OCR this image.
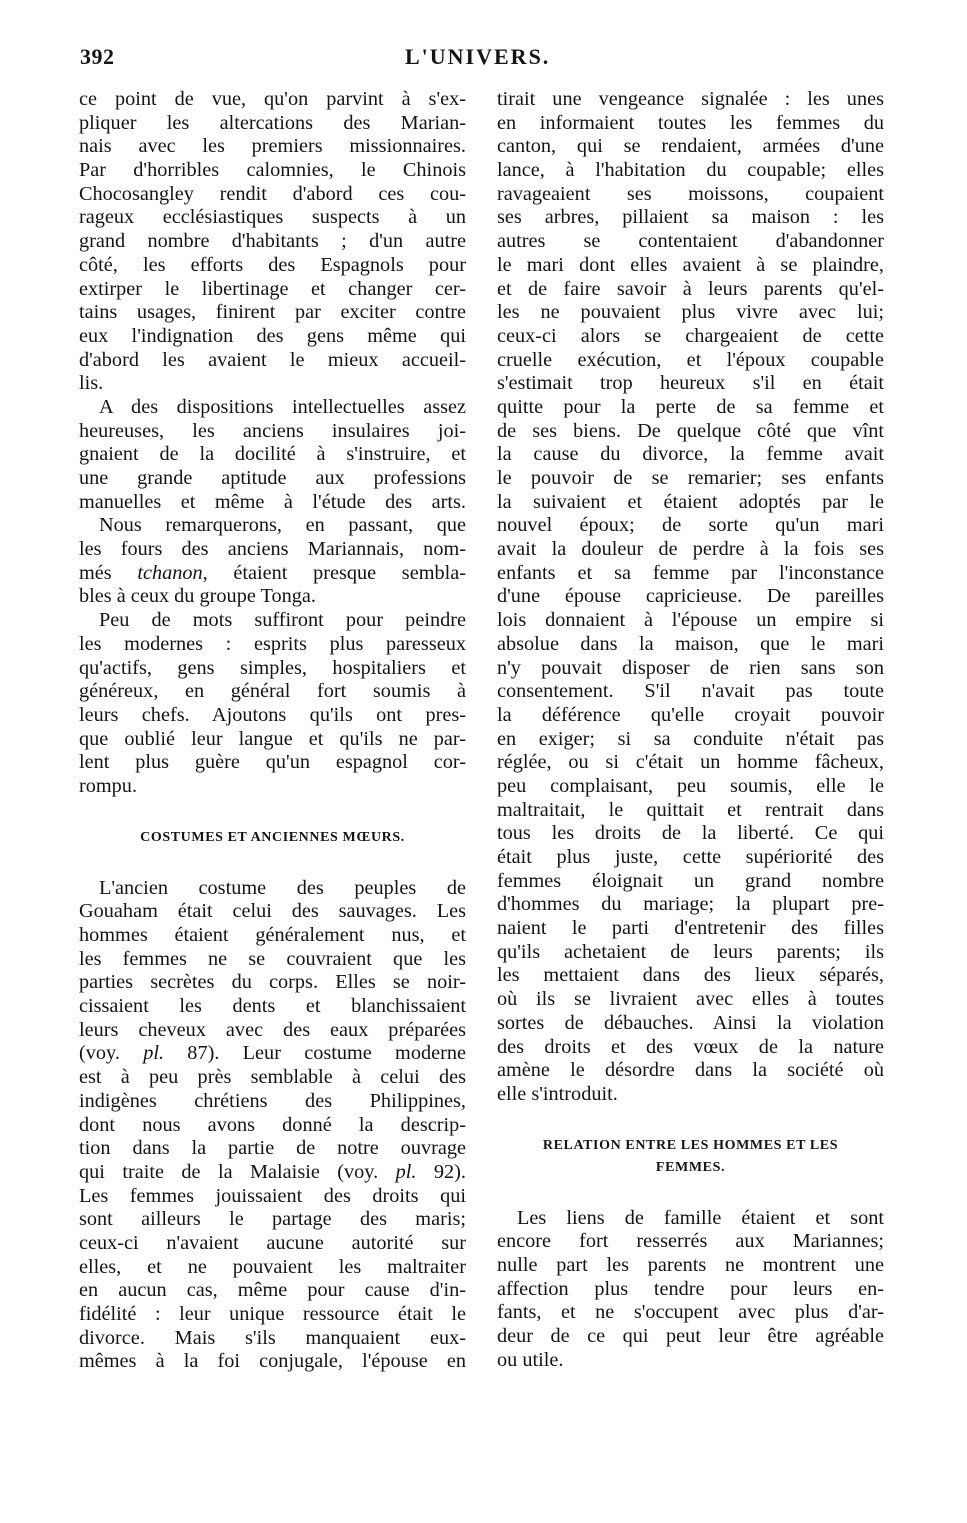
392	L'UNIVERS.
ce point de vue, qu'on parvint à s'ex-
pliquer les altercations des Marian-
nais avec les premiers missionnaires.
Par d'horribles calomnies, le Chinois
Chocosangley rendit d'abord ces cou-
rageux ecclésiastiques suspects à un
grand nombre d'habitants ; d'un autre
côté, les efforts des Espagnols pour
extirper le libertinage et changer cer-
tains usages, finirent par exciter contre
eux l'indignation des gens même qui
d'abord les avaient le mieux accueil-
lis.
A des dispositions intellectuelles assez
heureuses, les anciens insulaires joi-
gnaient de la docilité à s'instruire, et
une grande aptitude aux professions
manuelles et même à l'étude des arts.
Nous remarquerons, en passant, que
les fours des anciens Mariannais, nom-
més tchanon, étaient presque sembla-
bles à ceux du groupe Tonga.
Peu de mots suffiront pour peindre
les modernes : esprits plus paresseux
qu'actifs, gens simples, hospitaliers et
généreux, en général fort soumis à
leurs chefs. Ajoutons qu'ils ont pres-
que oublié leur langue et qu'ils ne par-
lent plus guère qu'un espagnol cor-
rompu.
COSTUMES ET ANCIENNES MŒURS.
L'ancien costume des peuples de
Gouaham était celui des sauvages. Les
hommes étaient généralement nus, et
les femmes ne se couvraient que les
parties secrètes du corps. Elles se noir-
cissaient les dents et blanchissaient
leurs cheveux avec des eaux préparées
(voy. pl. 87). Leur costume moderne
est à peu près semblable à celui des
indigènes chrétiens des Philippines,
dont nous avons donné la descrip-
tion dans la partie de notre ouvrage
qui traite de la Malaisie (voy. pl. 92).
Les femmes jouissaient des droits qui
sont ailleurs le partage des maris;
ceux-ci n'avaient aucune autorité sur
elles, et ne pouvaient les maltraiter
en aucun cas, même pour cause d'in-
fidélité : leur unique ressource était le
divorce. Mais s'ils manquaient eux-
mêmes à la foi conjugale, l'épouse en
tirait une vengeance signalée : les unes
en informaient toutes les femmes du
canton, qui se rendaient, armées d'une
lance, à l'habitation du coupable; elles
ravageaient ses moissons, coupaient
ses arbres, pillaient sa maison : les
autres se contentaient d'abandonner
le mari dont elles avaient à se plaindre,
et de faire savoir à leurs parents qu'el-
les ne pouvaient plus vivre avec lui;
ceux-ci alors se chargeaient de cette
cruelle exécution, et l'époux coupable
s'estimait trop heureux s'il en était
quitte pour la perte de sa femme et
de ses biens. De quelque côté que vînt
la cause du divorce, la femme avait
le pouvoir de se remarier; ses enfants
la suivaient et étaient adoptés par le
nouvel époux; de sorte qu'un mari
avait la douleur de perdre à la fois ses
enfants et sa femme par l'inconstance
d'une épouse capricieuse. De pareilles
lois donnaient à l'épouse un empire si
absolue dans la maison, que le mari
n'y pouvait disposer de rien sans son
consentement. S'il n'avait pas toute
la déférence qu'elle croyait pouvoir
en exiger; si sa conduite n'était pas
réglée, ou si c'était un homme fâcheux,
peu complaisant, peu soumis, elle le
maltraitait, le quittait et rentrait dans
tous les droits de la liberté. Ce qui
était plus juste, cette supériorité des
femmes éloignait un grand nombre
d'hommes du mariage; la plupart pre-
naient le parti d'entretenir des filles
qu'ils achetaient de leurs parents; ils
les mettaient dans des lieux séparés,
où ils se livraient avec elles à toutes
sortes de débauches. Ainsi la violation
des droits et des vœux de la nature
amène le désordre dans la société où
elle s'introduit.
RELATION ENTRE LES HOMMES ET LES
FEMMES.
Les liens de famille étaient et sont
encore fort resserrés aux Mariannes;
nulle part les parents ne montrent une
affection plus tendre pour leurs en-
fants, et ne s'occupent avec plus d'ar-
deur de ce qui peut leur être agréable
ou utile.
